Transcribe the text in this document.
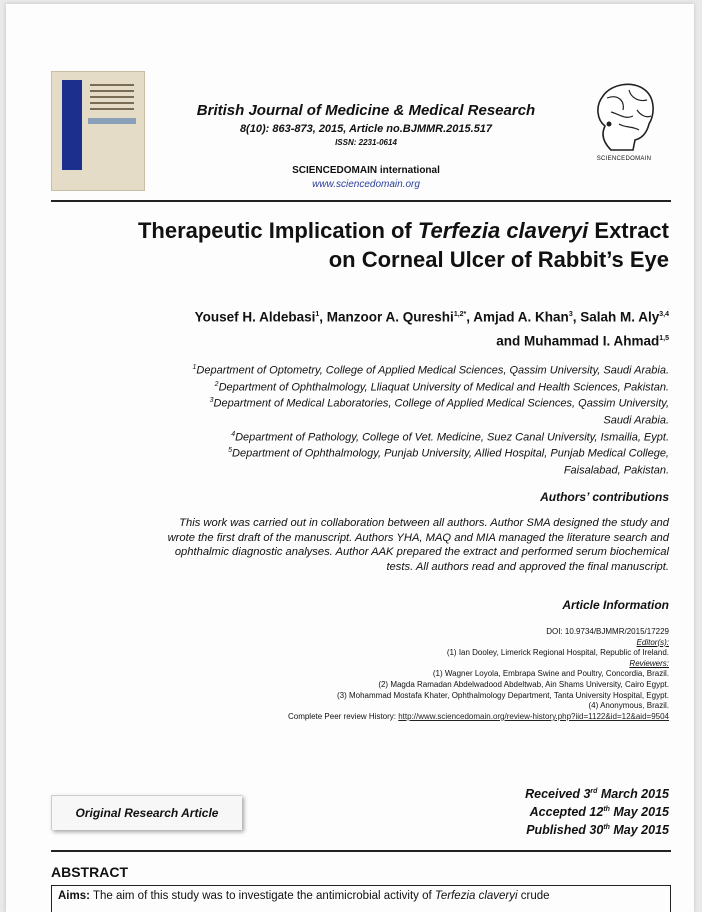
British Journal of Medicine & Medical Research
8(10): 863-873, 2015, Article no.BJMMR.2015.517
ISSN: 2231-0614
SCIENCEDOMAIN international
www.sciencedomain.org
SCIENCEDOMAIN
Therapeutic Implication of Terfezia claveryi Extract
on Corneal Ulcer of Rabbit’s Eye
Yousef H. Aldebasi$^1$, Manzoor A. Qureshi$^{1,2*}$, Amjad A. Khan$^3$, Salah M. Aly$^{3,4}$
and Muhammad I. Ahmad$^{1,5}$
$^1$Department of Optometry, College of Applied Medical Sciences, Qassim University, Saudi Arabia.
$^2$Department of Ophthalmology, Lliaquat University of Medical and Health Sciences, Pakistan.
$^3$Department of Medical Laboratories, College of Applied Medical Sciences, Qassim University,
Saudi Arabia.
$^4$Department of Pathology, College of Vet. Medicine, Suez Canal University, Ismailia, Eypt.
$^5$Department of Ophthalmology, Punjab University, Allied Hospital, Punjab Medical College,
Faisalabad, Pakistan.
Authors’ contributions
This work was carried out in collaboration between all authors. Author SMA designed the study and
wrote the first draft of the manuscript. Authors YHA, MAQ and MIA managed the literature search and
ophthalmic diagnostic analyses. Author AAK prepared the extract and performed serum biochemical
tests. All authors read and approved the final manuscript.
Article Information
DOI: 10.9734/BJMMR/2015/17229
Editor(s):
(1) Ian Dooley, Limerick Regional Hospital, Republic of Ireland.
Reviewers:
(1) Wagner Loyola, Embrapa Swine and Poultry, Concordia, Brazil.
(2) Magda Ramadan Abdelwadood Abdeltwab, Ain Shams University, Cairo Egypt.
(3) Mohammad Mostafa Khater, Ophthalmology Department, Tanta University Hospital, Egypt.
(4) Anonymous, Brazil.
Complete Peer review History: http://www.sciencedomain.org/review-history.php?iid=1122&id=12&aid=9504
Original Research Article
Received 3rd March 2015
Accepted 12th May 2015
Published 30th May 2015
ABSTRACT
Aims: The aim of this study was to investigate the antimicrobial activity of Terfezia claveryi crude
